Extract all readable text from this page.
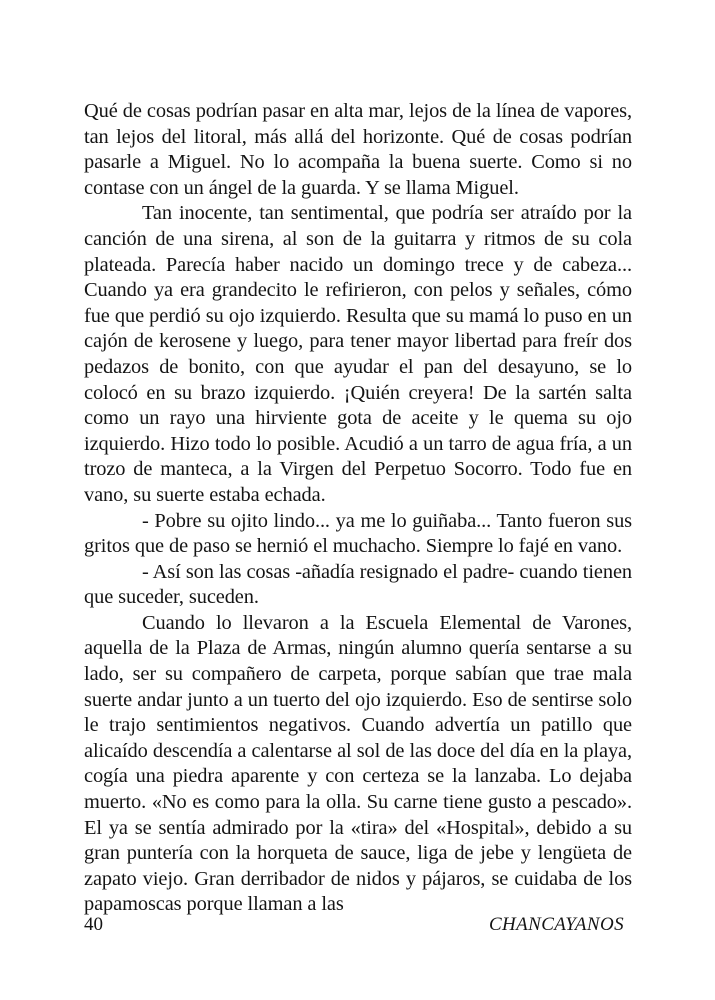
Qué de cosas podrían pasar en alta mar, lejos de la línea de vapores, tan lejos del litoral, más allá del horizonte. Qué de cosas podrían pasarle a Miguel. No lo acompaña la buena suerte. Como si no contase con un ángel de la guarda. Y se llama Miguel.

Tan inocente, tan sentimental, que podría ser atraído por la canción de una sirena, al son de la guitarra y ritmos de su cola plateada. Parecía haber nacido un domingo trece y de cabeza... Cuando ya era grandecito le refirieron, con pelos y señales, cómo fue que perdió su ojo izquierdo. Resulta que su mamá lo puso en un cajón de kerosene y luego, para tener mayor libertad para freír dos pedazos de bonito, con que ayudar el pan del desayuno, se lo colocó en su brazo izquierdo. ¡Quién creyera! De la sartén salta como un rayo una hirviente gota de aceite y le quema su ojo izquierdo. Hizo todo lo posible. Acudió a un tarro de agua fría, a un trozo de manteca, a la Virgen del Perpetuo Socorro. Todo fue en vano, su suerte estaba echada.

- Pobre su ojito lindo... ya me lo guiñaba... Tanto fueron sus gritos que de paso se hernió el muchacho. Siempre lo fajé en vano.

- Así son las cosas -añadía resignado el padre- cuando tienen que suceder, suceden.

Cuando lo llevaron a la Escuela Elemental de Varones, aquella de la Plaza de Armas, ningún alumno quería sentarse a su lado, ser su compañero de carpeta, porque sabían que trae mala suerte andar junto a un tuerto del ojo izquierdo. Eso de sentirse solo le trajo sentimientos negativos. Cuando advertía un patillo que alicaído descendía a calentarse al sol de las doce del día en la playa, cogía una piedra aparente y con certeza se la lanzaba. Lo dejaba muerto. «No es como para la olla. Su carne tiene gusto a pescado». El ya se sentía admirado por la «tira» del «Hospital», debido a su gran puntería con la horqueta de sauce, liga de jebe y lengüeta de zapato viejo. Gran derribador de nidos y pájaros, se cuidaba de los papamoscas porque llaman a las

40	CHANCAYANOS
